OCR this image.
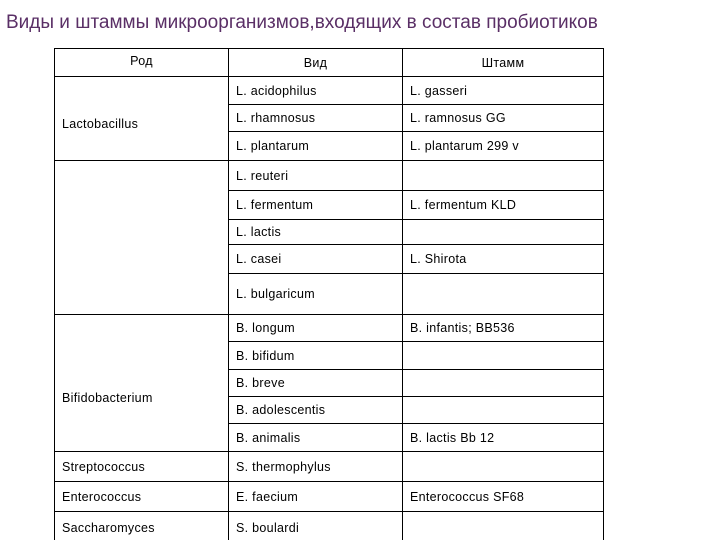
Виды и штаммы микроорганизмов,входящих в состав пробиотиков
Род	Вид	Штамм
Lactobacillus	L. acidophilus	L. gasseri
	L. rhamnosus	L. ramnosus GG
	L. plantarum	L. plantarum 299 v
	L. reuteri	
	L. fermentum	L. fermentum KLD
	L. lactis	
	L. casei	L. Shirota
	L. bulgaricum	
Bifidobacterium	B. longum	B. infantis; BB536
	B. bifidum	
	B. breve	
	B. adolescentis	
	B. animalis	B. lactis Bb 12
Streptococcus	S. thermophylus	
Enterococcus	E. faecium	Enterococcus SF68
Saccharomyces	S. boulardi	
